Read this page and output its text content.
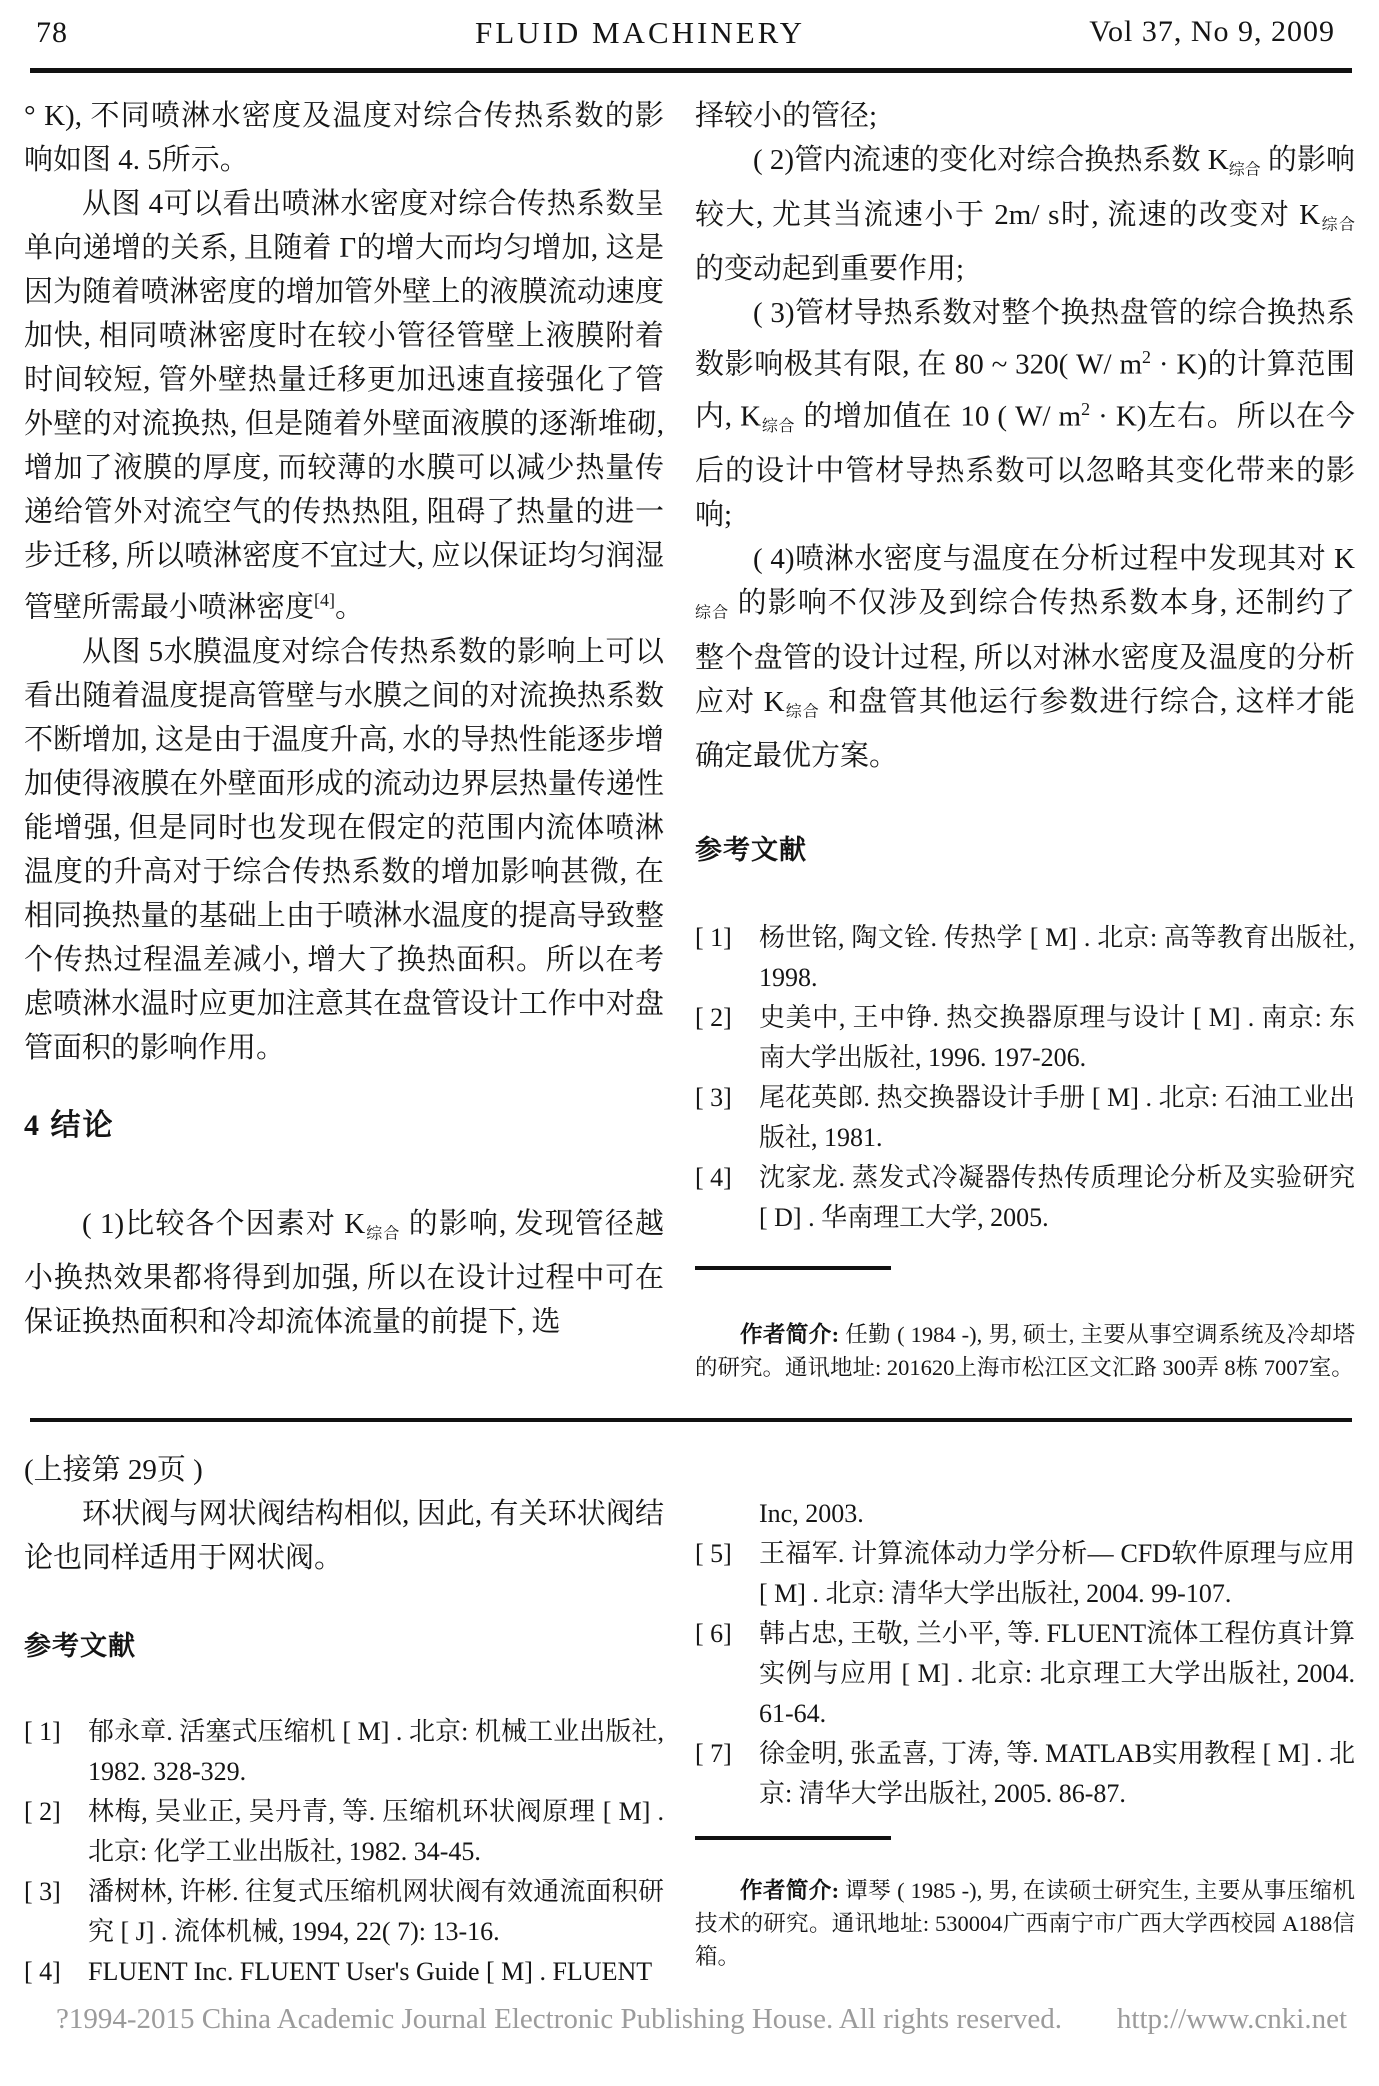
78	FLUID MACHINERY	Vol 37, No 9, 2009

° K), 不同喷淋水密度及温度对综合传热系数的影响如图 4. 5所示。

从图 4可以看出喷淋水密度对综合传热系数呈单向递增的关系, 且随着 Γ的增大而均匀增加, 这是因为随着喷淋密度的增加管外壁上的液膜流动速度加快, 相同喷淋密度时在较小管径管壁上液膜附着时间较短, 管外壁热量迁移更加迅速直接强化了管外壁的对流换热, 但是随着外壁面液膜的逐渐堆砌, 增加了液膜的厚度, 而较薄的水膜可以减少热量传递给管外对流空气的传热热阻, 阻碍了热量的进一步迁移, 所以喷淋密度不宜过大, 应以保证均匀润湿管壁所需最小喷淋密度[4]。

从图 5水膜温度对综合传热系数的影响上可以看出随着温度提高管壁与水膜之间的对流换热系数不断增加, 这是由于温度升高, 水的导热性能逐步增加使得液膜在外壁面形成的流动边界层热量传递性能增强, 但是同时也发现在假定的范围内流体喷淋温度的升高对于综合传热系数的增加影响甚微, 在相同换热量的基础上由于喷淋水温度的提高导致整个传热过程温差减小, 增大了换热面积。所以在考虑喷淋水温时应更加注意其在盘管设计工作中对盘管面积的影响作用。

4 结论

( 1)比较各个因素对 K综合 的影响, 发现管径越小换热效果都将得到加强, 所以在设计过程中可在保证换热面积和冷却流体流量的前提下, 选

择较小的管径;

( 2)管内流速的变化对综合换热系数 K综合 的影响较大, 尤其当流速小于 2m/ s时, 流速的改变对 K综合 的变动起到重要作用;

( 3)管材导热系数对整个换热盘管的综合换热系数影响极其有限, 在 80 ~ 320( W/ $m^2 \cdot K$)的计算范围内, K综合 的增加值在 10 ( W/ $m^2 \cdot K$)左右。所以在今后的设计中管材导热系数可以忽略其变化带来的影响;

( 4)喷淋水密度与温度在分析过程中发现其对 K综合 的影响不仅涉及到综合传热系数本身, 还制约了整个盘管的设计过程, 所以对淋水密度及温度的分析应对 K综合 和盘管其他运行参数进行综合, 这样才能确定最优方案。

参考文献
[ 1]	杨世铭, 陶文铨. 传热学 [ M] . 北京: 高等教育出版社, 1998.
[ 2]	史美中, 王中铮. 热交换器原理与设计 [ M] . 南京: 东南大学出版社, 1996. 197-206.
[ 3]	尾花英郎. 热交换器设计手册 [ M] . 北京: 石油工业出版社, 1981.
[ 4]	沈家龙. 蒸发式冷凝器传热传质理论分析及实验研究 [ D] . 华南理工大学, 2005.

作者简介: 任勤 ( 1984 -), 男, 硕士, 主要从事空调系统及冷却塔的研究。通讯地址: 201620上海市松江区文汇路 300弄 8栋 7007室。

(上接第 29页 )

环状阀与网状阀结构相似, 因此, 有关环状阀结论也同样适用于网状阀。

参考文献
[ 1]	郁永章. 活塞式压缩机 [ M] . 北京: 机械工业出版社, 1982. 328-329.
[ 2]	林梅, 吴业正, 吴丹青, 等. 压缩机环状阀原理 [ M] . 北京: 化学工业出版社, 1982. 34-45.
[ 3]	潘树林, 许彬. 往复式压缩机网状阀有效通流面积研究 [ J] . 流体机械, 1994, 22( 7): 13-16.
[ 4]	FLUENT Inc. FLUENT User's Guide [ M] . FLUENT

Inc, 2003.

[ 5]	王福军. 计算流体动力学分析— CFD软件原理与应用 [ M] . 北京: 清华大学出版社, 2004. 99-107.
[ 6]	韩占忠, 王敬, 兰小平, 等. FLUENT流体工程仿真计算实例与应用 [ M] . 北京: 北京理工大学出版社, 2004. 61-64.
[ 7]	徐金明, 张孟喜, 丁涛, 等. MATLAB实用教程 [ M] . 北京: 清华大学出版社, 2005. 86-87.

作者简介: 谭琴 ( 1985 -), 男, 在读硕士研究生, 主要从事压缩机技术的研究。通讯地址: 530004广西南宁市广西大学西校园 A188信箱。

?1994-2015 China Academic Journal Electronic Publishing House. All rights reserved. http://www.cnki.net
